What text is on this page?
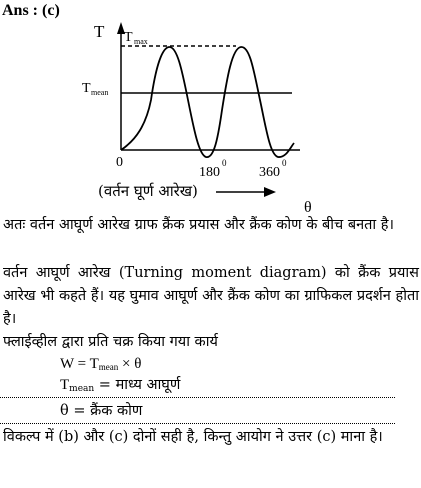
Ans : (c)
T T max
T mean
0
180
0
360
0
(वर्तन घूर्ण आरेख)
θ
अतः वर्तन आघूर्ण आरेख ग्राफ क्रैंक प्रयास और क्रैंक कोण के बीच बनता है।
वर्तन आघूर्ण आरेख (Turning moment diagram) को क्रैंक प्रयास आरेख भी कहते हैं। यह घुमाव आघूर्ण और क्रैंक कोण का ग्राफिकल प्रदर्शन होता है।
फ्लाईव्हील द्वारा प्रति चक्र किया गया कार्य
$W = T_{mean} \times \theta$
$T_{mean}$ = माध्य आघूर्ण
θ = क्रैंक कोण
विकल्प में (b) और (c) दोनों सही है, किन्तु आयोग ने उत्तर (c) माना है।
